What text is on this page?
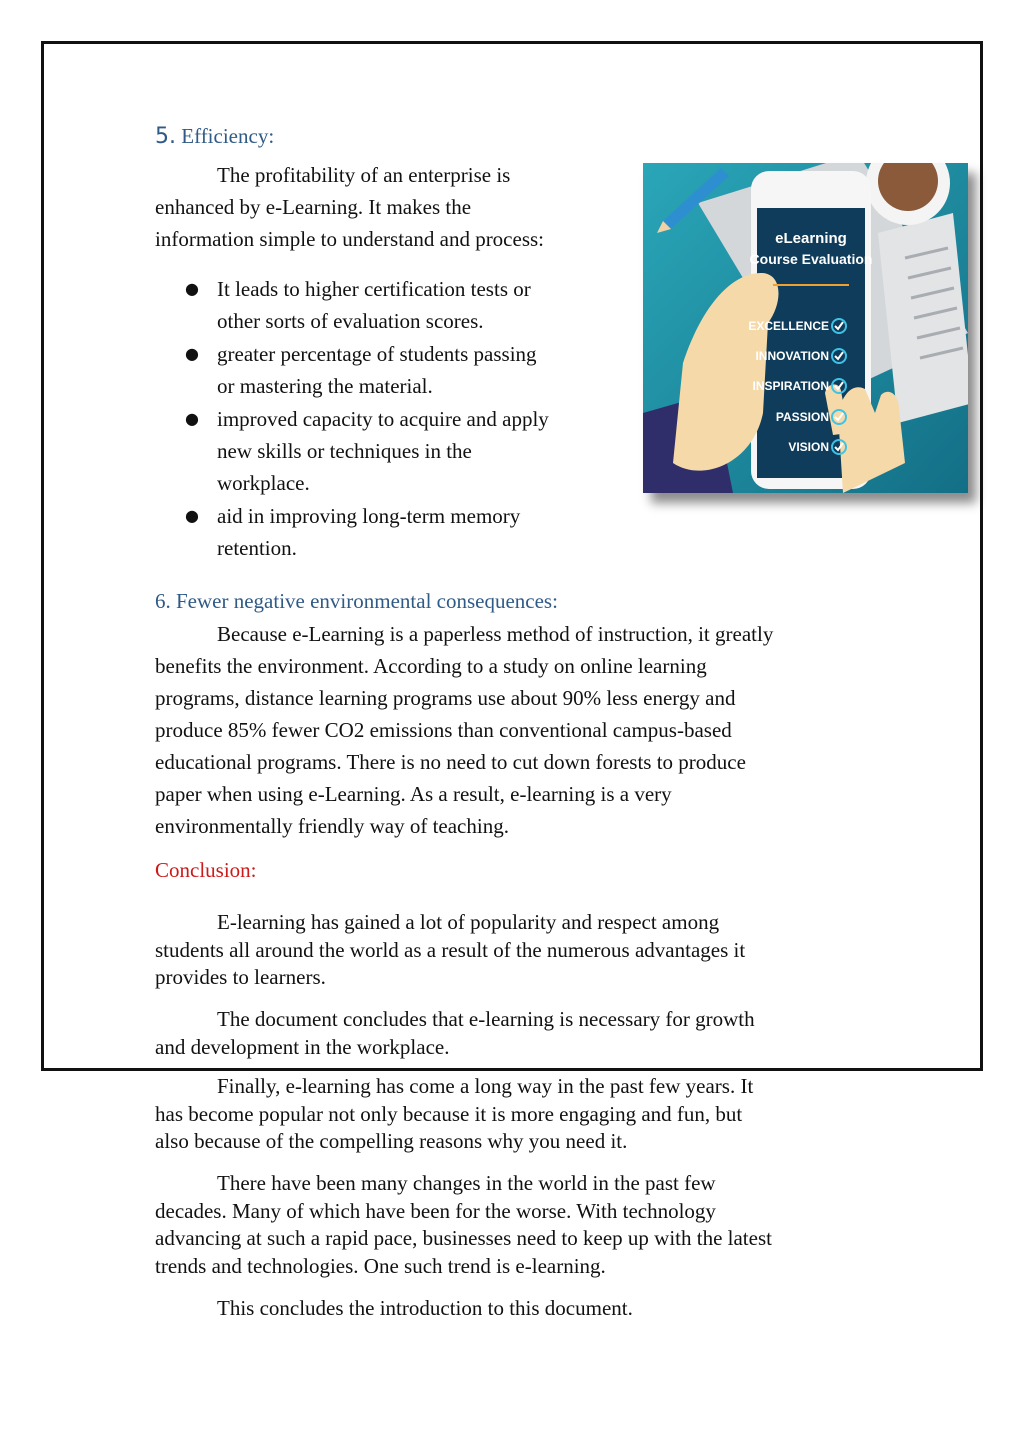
5. Efficiency:
The profitability of an enterprise is
enhanced by e-Learning. It makes the
information simple to understand and process:
● It leads to higher certification tests or
other sorts of evaluation scores.
● greater percentage of students passing
or mastering the material.
● improved capacity to acquire and apply
new skills or techniques in the
workplace.
● aid in improving long-term memory
retention.
eLearning
Course Evaluation
EXCELLENCE
INNOVATION
INSPIRATION
PASSION
VISION
6. Fewer negative environmental consequences:
Because e-Learning is a paperless method of instruction, it greatly
benefits the environment. According to a study on online learning
programs, distance learning programs use about 90% less energy and
produce 85% fewer CO2 emissions than conventional campus-based
educational programs. There is no need to cut down forests to produce
paper when using e-Learning. As a result, e-learning is a very
environmentally friendly way of teaching.
Conclusion:
E-learning has gained a lot of popularity and respect among
students all around the world as a result of the numerous advantages it
provides to learners.
The document concludes that e-learning is necessary for growth
and development in the workplace.
Finally, e-learning has come a long way in the past few years. It
has become popular not only because it is more engaging and fun, but
also because of the compelling reasons why you need it.
There have been many changes in the world in the past few
decades. Many of which have been for the worse. With technology
advancing at such a rapid pace, businesses need to keep up with the latest
trends and technologies. One such trend is e-learning.
This concludes the introduction to this document.
